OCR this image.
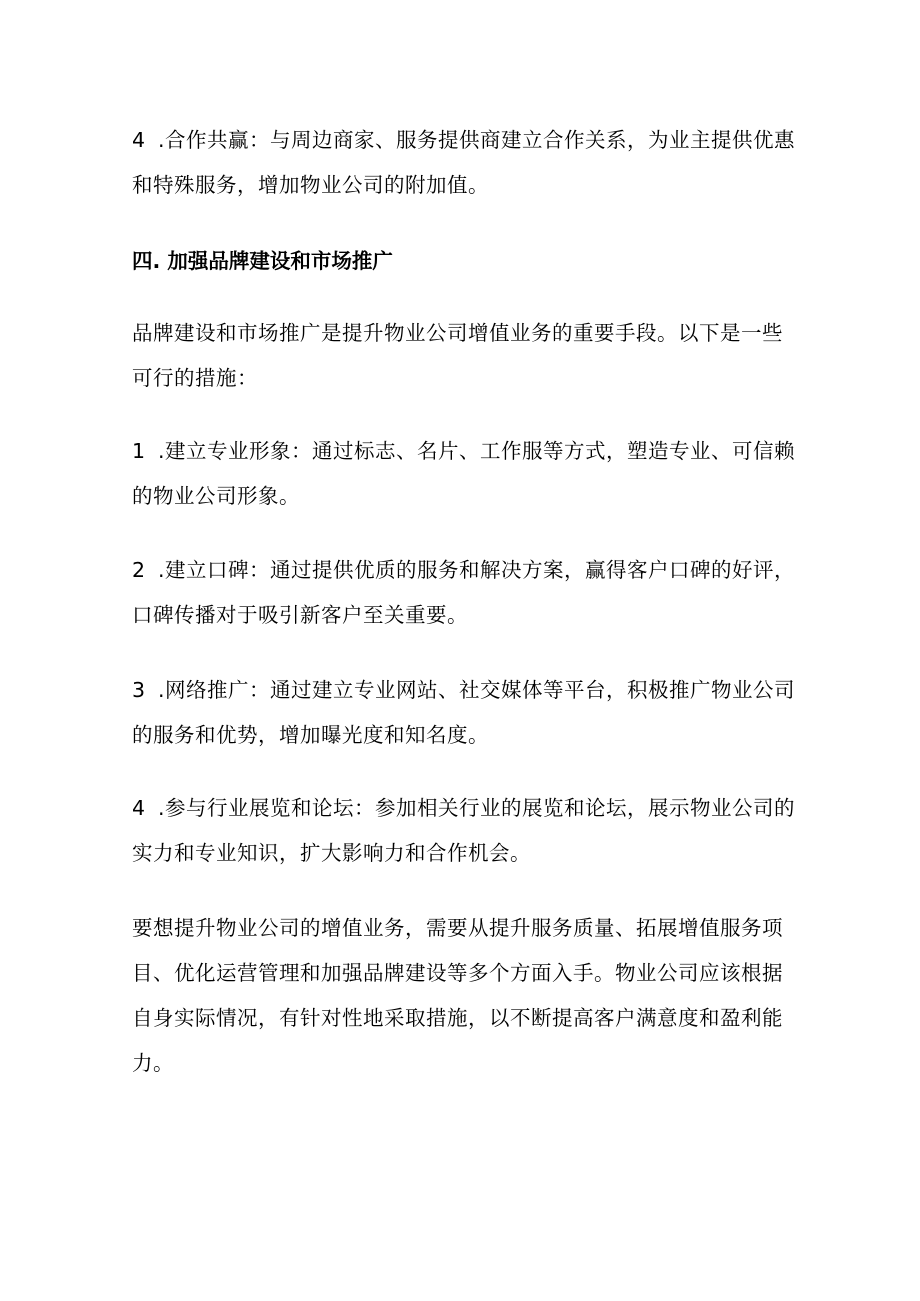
4 .合作共赢：与周边商家、服务提供商建立合作关系，为业主提供优惠和特殊服务，增加物业公司的附加值。

四. 加强品牌建设和市场推广

品牌建设和市场推广是提升物业公司增值业务的重要手段。以下是一些可行的措施：

1 .建立专业形象：通过标志、名片、工作服等方式，塑造专业、可信赖的物业公司形象。

2 .建立口碑：通过提供优质的服务和解决方案，赢得客户口碑的好评，口碑传播对于吸引新客户至关重要。

3 .网络推广：通过建立专业网站、社交媒体等平台，积极推广物业公司的服务和优势，增加曝光度和知名度。

4 .参与行业展览和论坛：参加相关行业的展览和论坛，展示物业公司的实力和专业知识，扩大影响力和合作机会。

要想提升物业公司的增值业务，需要从提升服务质量、拓展增值服务项目、优化运营管理和加强品牌建设等多个方面入手。物业公司应该根据自身实际情况，有针对性地采取措施，以不断提高客户满意度和盈利能力。
